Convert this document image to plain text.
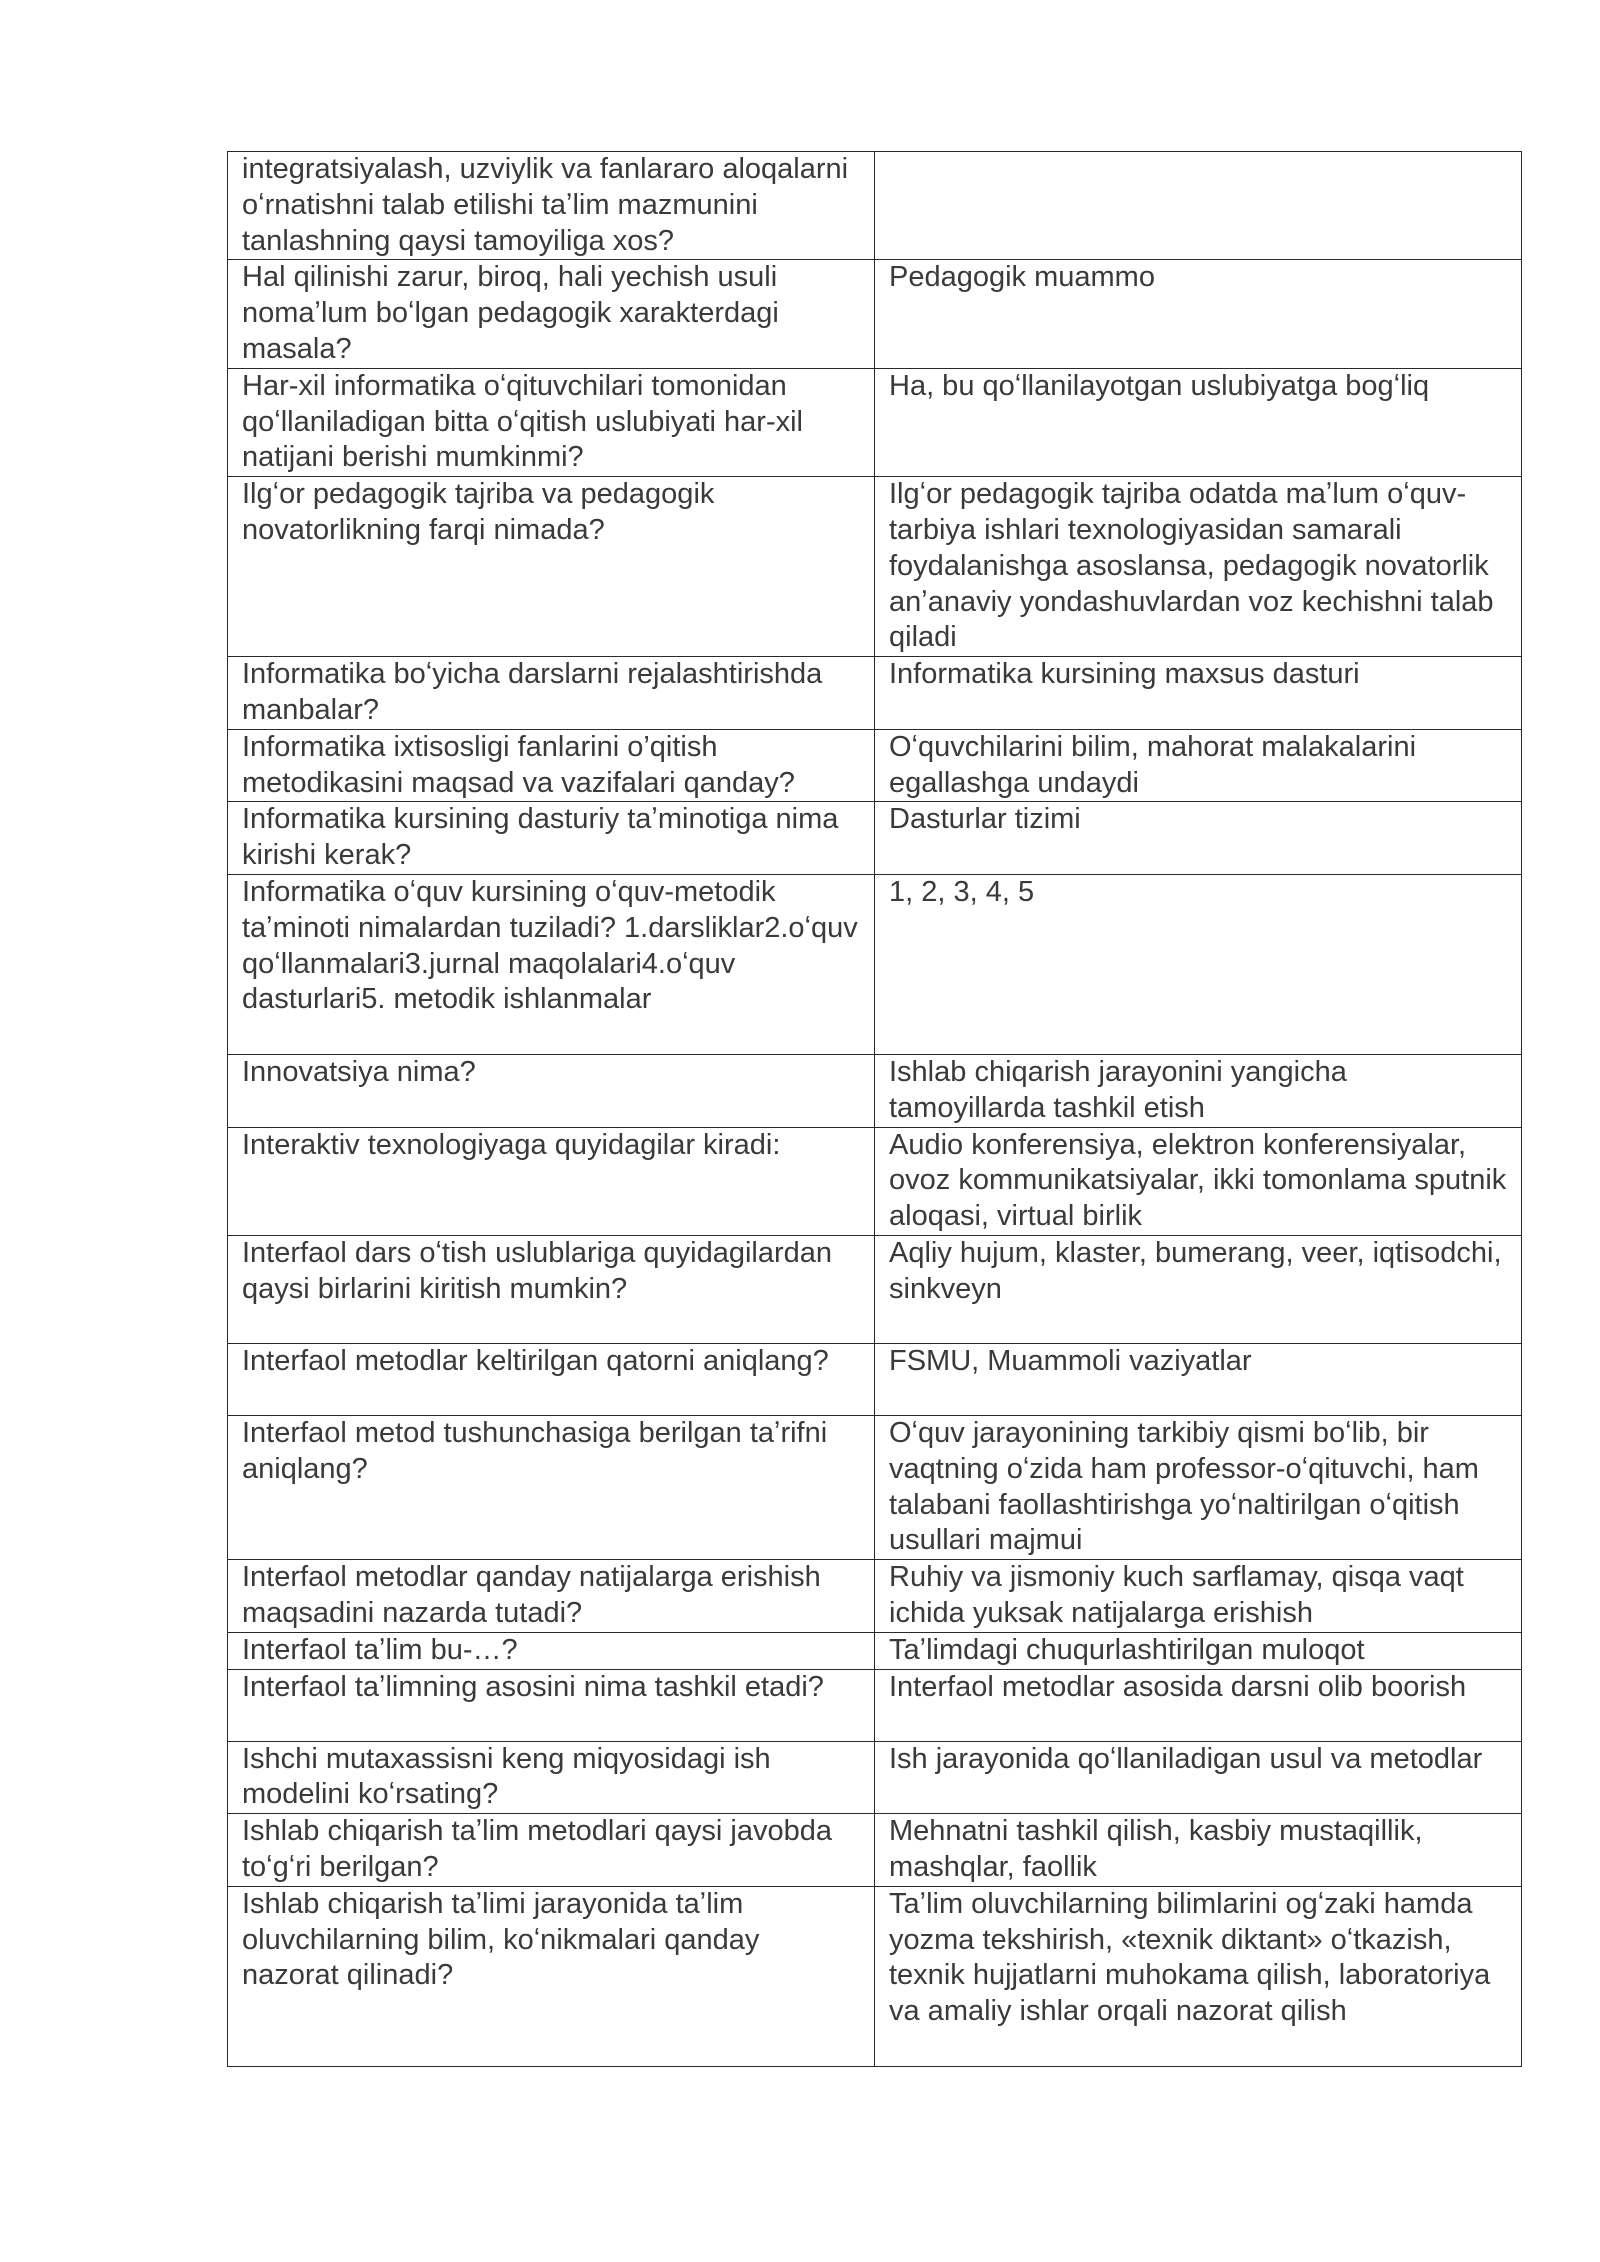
integratsiyalash, uzviylik va fanlararo aloqalarni oʻrnatishni talab etilishi taʼlim mazmunini tanlashning qaysi tamoyiliga xos?	
Hal qilinishi zarur, biroq, hali yechish usuli nomaʼlum boʻlgan pedagogik xarakterdagi masala?	Pedagogik muammo
Har-xil informatika oʻqituvchilari tomonidan qoʻllaniladigan bitta oʻqitish uslubiyati har-xil natijani berishi mumkinmi?	Ha, bu qoʻllanilayotgan uslubiyatga bogʻliq
Ilgʻor pedagogik tajriba va pedagogik novatorlikning farqi nimada?	Ilgʻor pedagogik tajriba odatda maʼlum oʻquv-tarbiya ishlari texnologiyasidan samarali foydalanishga asoslansa, pedagogik novatorlik anʼanaviy yondashuvlardan voz kechishni talab qiladi
Informatika boʻyicha darslarni rejalashtirishda manbalar?	Informatika kursining maxsus dasturi
Informatika ixtisosligi fanlarini o’qitish metodikasini maqsad va vazifalari qanday?	Oʻquvchilarini bilim, mahorat malakalarini egallashga undaydi
Informatika kursining dasturiy taʼminotiga nima kirishi kerak?	Dasturlar tizimi
Informatika oʻquv kursining oʻquv-metodik taʼminoti nimalardan tuziladi? 1.darsliklar2.oʻquv qoʻllanmalari3.jurnal maqolalari4.oʻquv dasturlari5. metodik ishlanmalar	1, 2, 3, 4, 5
Innovatsiya nima?	Ishlab chiqarish jarayonini yangicha tamoyillarda tashkil etish
Interaktiv texnologiyaga quyidagilar kiradi:	Audio konferensiya, elektron konferensiyalar, ovoz kommunikatsiyalar, ikki tomonlama sputnik aloqasi, virtual birlik
Interfaol dars oʻtish uslublariga quyidagilardan qaysi birlarini kiritish mumkin?	Aqliy hujum, klaster, bumerang, veer, iqtisodchi, sinkveyn
Interfaol metodlar keltirilgan qatorni aniqlang?	FSMU, Muammoli vaziyatlar
Interfaol metod tushunchasiga berilgan taʼrifni aniqlang?	Oʻquv jarayonining tarkibiy qismi boʻlib, bir vaqtning oʻzida ham professor-oʻqituvchi, ham talabani faollashtirishga yoʻnaltirilgan oʻqitish usullari majmui
Interfaol metodlar qanday natijalarga erishish maqsadini nazarda tutadi?	Ruhiy va jismoniy kuch sarflamay, qisqa vaqt ichida yuksak natijalarga erishish
Interfaol taʼlim bu-…?	Taʼlimdagi chuqurlashtirilgan muloqot
Interfaol taʼlimning asosini nima tashkil etadi?	Interfaol metodlar asosida darsni olib boorish
Ishchi mutaxassisni keng miqyosidagi ish modelini koʻrsating?	Ish jarayonida qoʻllaniladigan usul va metodlar
Ishlab chiqarish taʼlim metodlari qaysi javobda toʻgʻri berilgan?	Mehnatni tashkil qilish, kasbiy mustaqillik, mashqlar, faollik
Ishlab chiqarish taʼlimi jarayonida taʼlim oluvchilarning bilim, koʻnikmalari qanday nazorat qilinadi?	Taʼlim oluvchilarning bilimlarini ogʻzaki hamda yozma tekshirish, «texnik diktant» oʻtkazish, texnik hujjatlarni muhokama qilish, laboratoriya va amaliy ishlar orqali nazorat qilish
